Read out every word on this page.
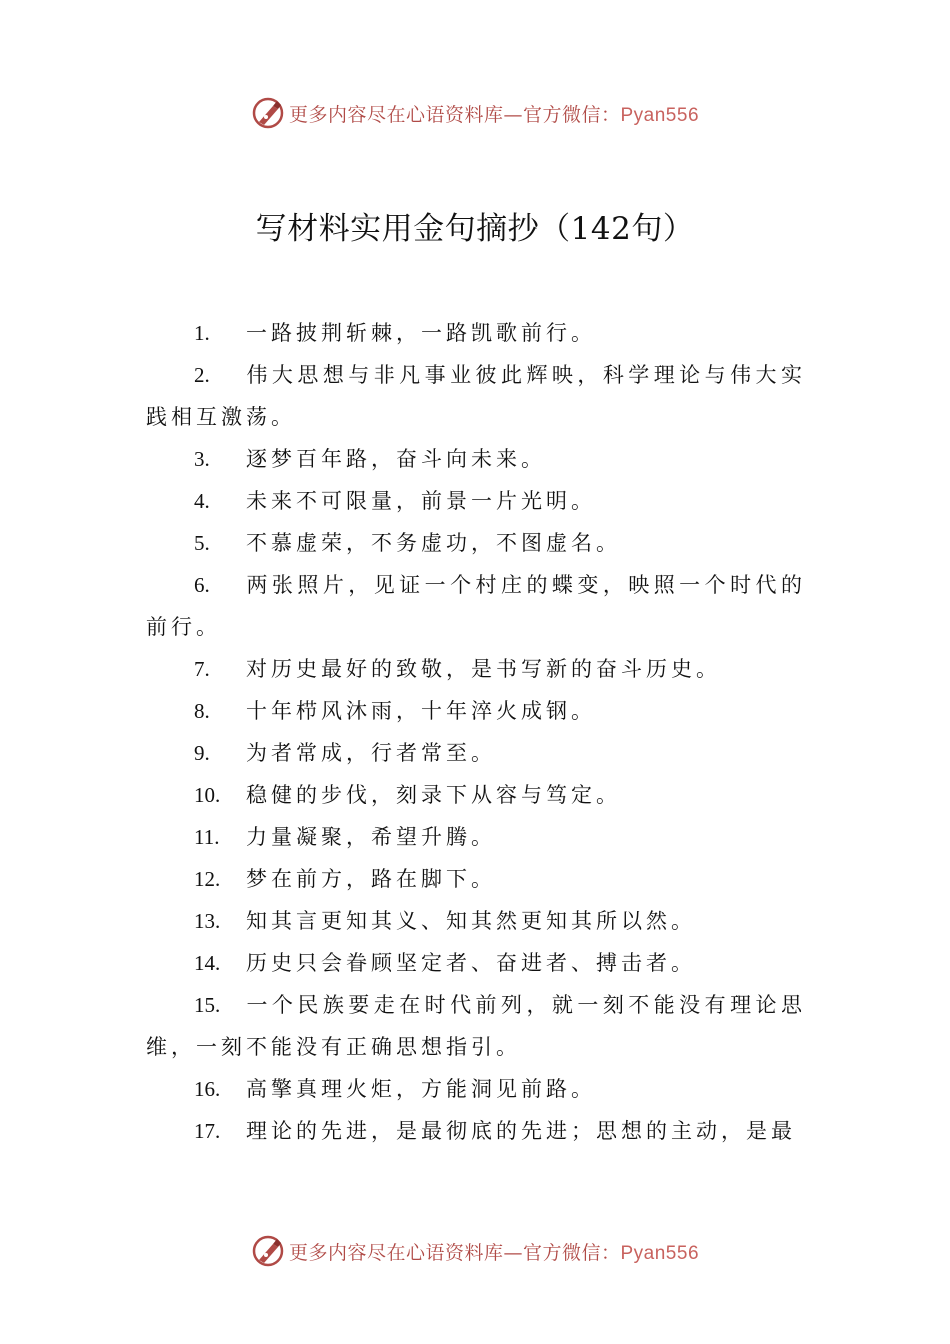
更多内容尽在心语资料库—官方微信：Pyan556
写材料实用金句摘抄（142句）

1. 一路披荆斩棘，一路凯歌前行。

2. 伟大思想与非凡事业彼此辉映，科学理论与伟大实践相互激荡。

3. 逐梦百年路，奋斗向未来。

4. 未来不可限量，前景一片光明。

5. 不慕虚荣，不务虚功，不图虚名。

6. 两张照片，见证一个村庄的蝶变，映照一个时代的前行。

7. 对历史最好的致敬，是书写新的奋斗历史。

8. 十年栉风沐雨，十年淬火成钢。

9. 为者常成，行者常至。

10. 稳健的步伐，刻录下从容与笃定。

11. 力量凝聚，希望升腾。

12. 梦在前方，路在脚下。

13. 知其言更知其义、知其然更知其所以然。

14. 历史只会眷顾坚定者、奋进者、搏击者。

15. 一个民族要走在时代前列，就一刻不能没有理论思维，一刻不能没有正确思想指引。

16. 高擎真理火炬，方能洞见前路。

17. 理论的先进，是最彻底的先进；思想的主动，是最

更多内容尽在心语资料库—官方微信：Pyan556
